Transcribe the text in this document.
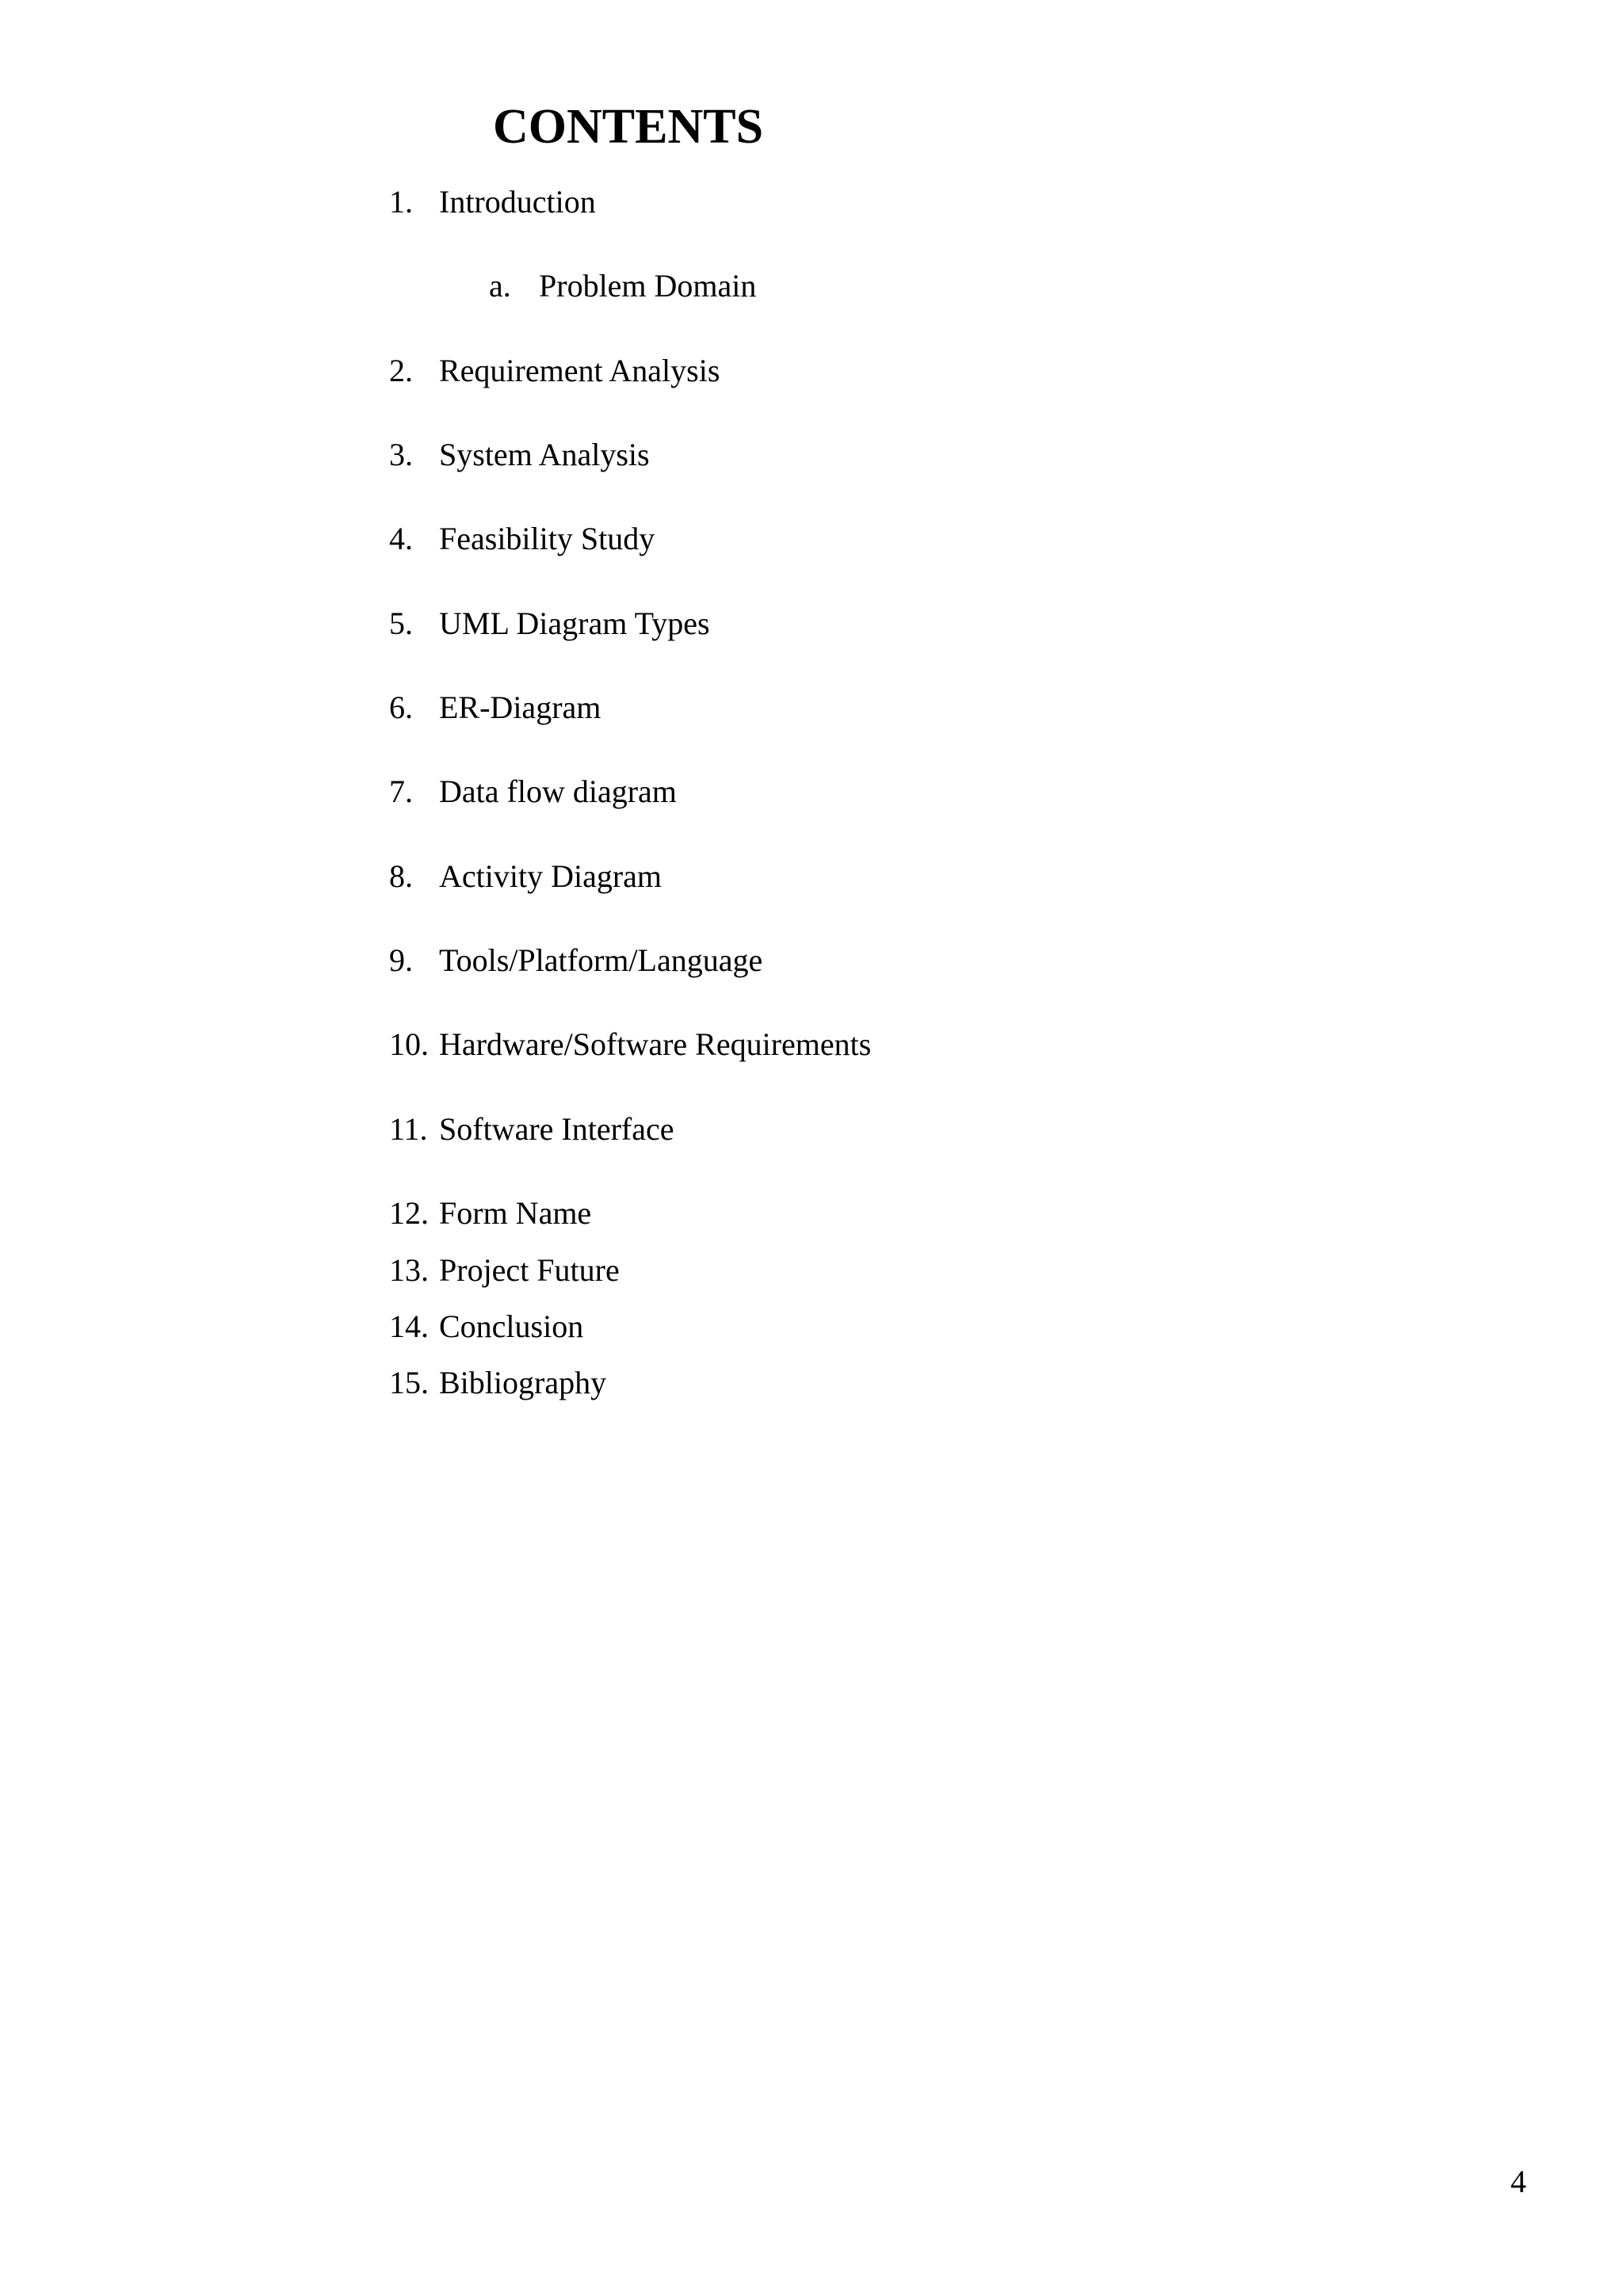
CONTENTS
1. Introduction
a. Problem Domain
2. Requirement Analysis
3. System Analysis
4. Feasibility Study
5. UML Diagram Types
6. ER-Diagram
7. Data flow diagram
8. Activity Diagram
9. Tools/Platform/Language
10. Hardware/Software Requirements
11. Software Interface
12. Form Name
13. Project Future
14. Conclusion
15. Bibliography
4
